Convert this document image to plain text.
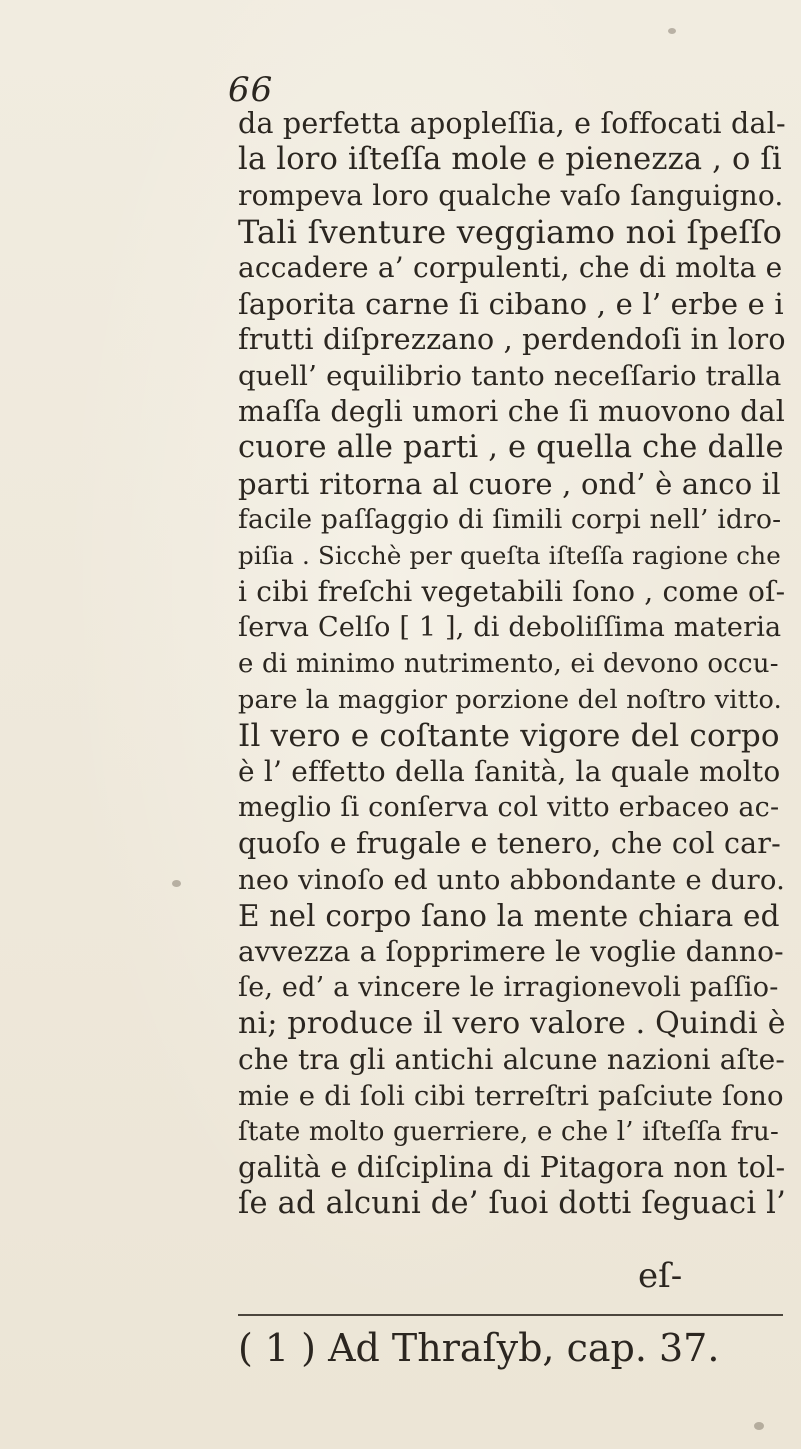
66
da perfetta apopleſſia, e ſoffocati dal-
la loro iſteſſa mole e pienezza , o ſi
rompeva loro qualche vaſo ſanguigno.
Tali ſventure veggiamo noi ſpeſſo
accadere a’ corpulenti, che di molta e
ſaporita carne ſi cibano , e l’ erbe e i
frutti diſprezzano , perdendoſi in loro
quell’ equilibrio tanto neceſſario tralla
maſſa degli umori che ſi muovono dal
cuore alle parti , e quella che dalle
parti ritorna al cuore , ond’ è anco il
facile paſſaggio di ſimili corpi nell’ idro-
piſia . Sicchè per queſta iſteſſa ragione che
i cibi freſchi vegetabili ſono , come oſ-
ſerva Celſo [ 1 ], di deboliſſima materia
e di minimo nutrimento, ei devono occu-
pare la maggior porzione del noſtro vitto.
Il vero e coſtante vigore del corpo
è l’ effetto della ſanità, la quale molto
meglio ſi conſerva col vitto erbaceo ac-
quoſo e frugale e tenero, che col car-
neo vinoſo ed unto abbondante e duro.
E nel corpo ſano la mente chiara ed
avvezza a ſopprimere le voglie danno-
ſe, ed’ a vincere le irragionevoli paſſio-
ni; produce il vero valore . Quindi è
che tra gli antichi alcune nazioni aſte-
mie e di ſoli cibi terreſtri paſciute ſono
ſtate molto guerriere, e che l’ iſteſſa fru-
galità e diſciplina di Pitagora non tol-
ſe ad alcuni de’ ſuoi dotti ſeguaci l’
eſ-
( 1 ) Ad Thraſyb, cap. 37.
